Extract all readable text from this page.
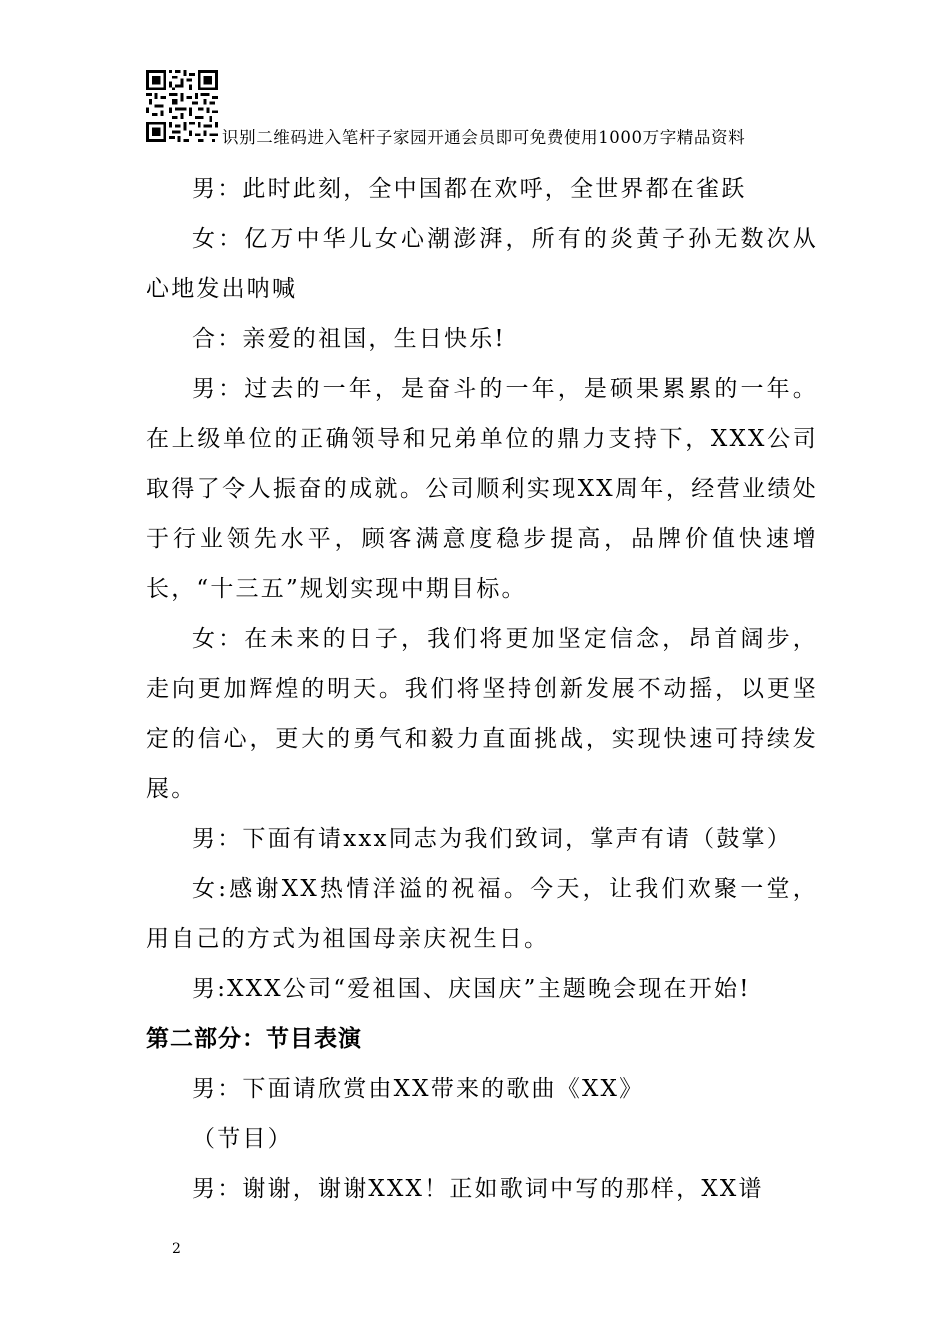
识别二维码进入笔杆子家园开通会员即可免费使用1000万字精品资料

男：此时此刻，全中国都在欢呼，全世界都在雀跃

女：亿万中华儿女心潮澎湃，所有的炎黄子孙无数次从心地发出呐喊

合：亲爱的祖国，生日快乐!

男：过去的一年，是奋斗的一年，是硕果累累的一年。在上级单位的正确领导和兄弟单位的鼎力支持下，XXX公司取得了令人振奋的成就。公司顺利实现XX周年，经营业绩处于行业领先水平，顾客满意度稳步提高，品牌价值快速增长，“十三五”规划实现中期目标。

女：在未来的日子，我们将更加坚定信念，昂首阔步，走向更加辉煌的明天。我们将坚持创新发展不动摇，以更坚定的信心，更大的勇气和毅力直面挑战，实现快速可持续发展。

男：下面有请xxx同志为我们致词，掌声有请（鼓掌）

女:感谢XX热情洋溢的祝福。今天，让我们欢聚一堂，用自己的方式为祖国母亲庆祝生日。

男:XXX公司“爱祖国、庆国庆”主题晚会现在开始!

第二部分：节目表演

男：下面请欣赏由XX带来的歌曲《XX》

（节目）

男：谢谢，谢谢XXX！正如歌词中写的那样，XX谱

2
